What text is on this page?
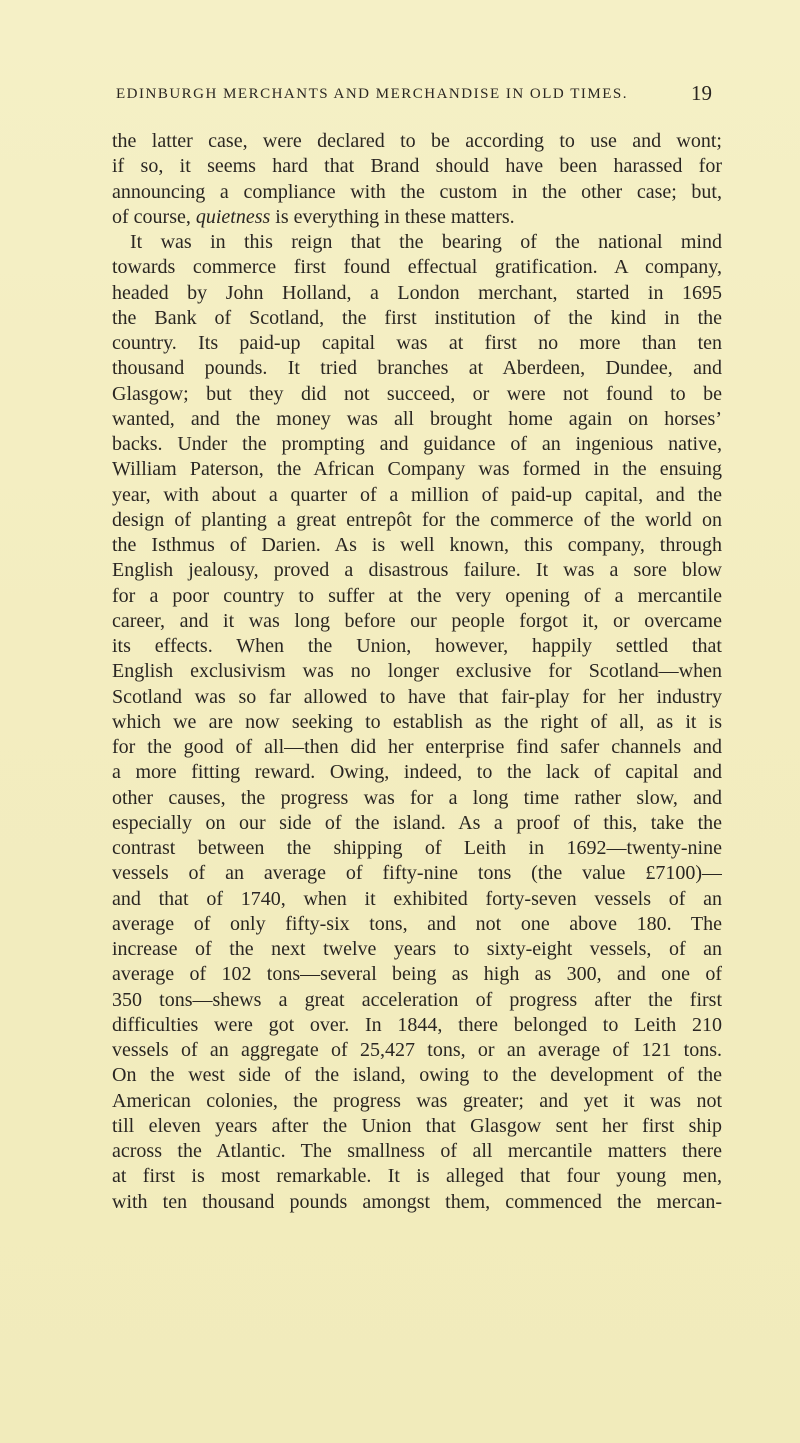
EDINBURGH MERCHANTS AND MERCHANDISE IN OLD TIMES.	19
the latter case, were declared to be according to use and wont;
if so, it seems hard that Brand should have been harassed for
announcing a compliance with the custom in the other case; but,
of course, quietness is everything in these matters.
It was in this reign that the bearing of the national mind
towards commerce first found effectual gratification. A company,
headed by John Holland, a London merchant, started in 1695
the Bank of Scotland, the first institution of the kind in the
country. Its paid-up capital was at first no more than ten
thousand pounds. It tried branches at Aberdeen, Dundee, and
Glasgow; but they did not succeed, or were not found to be
wanted, and the money was all brought home again on horses’
backs. Under the prompting and guidance of an ingenious native,
William Paterson, the African Company was formed in the ensuing
year, with about a quarter of a million of paid-up capital, and the
design of planting a great entrepôt for the commerce of the world on
the Isthmus of Darien. As is well known, this company, through
English jealousy, proved a disastrous failure. It was a sore blow
for a poor country to suffer at the very opening of a mercantile
career, and it was long before our people forgot it, or overcame
its effects. When the Union, however, happily settled that
English exclusivism was no longer exclusive for Scotland—when
Scotland was so far allowed to have that fair-play for her industry
which we are now seeking to establish as the right of all, as it is
for the good of all—then did her enterprise find safer channels and
a more fitting reward. Owing, indeed, to the lack of capital and
other causes, the progress was for a long time rather slow, and
especially on our side of the island. As a proof of this, take the
contrast between the shipping of Leith in 1692—twenty-nine
vessels of an average of fifty-nine tons (the value £7100)—
and that of 1740, when it exhibited forty-seven vessels of an
average of only fifty-six tons, and not one above 180. The
increase of the next twelve years to sixty-eight vessels, of an
average of 102 tons—several being as high as 300, and one of
350 tons—shews a great acceleration of progress after the first
difficulties were got over. In 1844, there belonged to Leith 210
vessels of an aggregate of 25,427 tons, or an average of 121 tons.
On the west side of the island, owing to the development of the
American colonies, the progress was greater; and yet it was not
till eleven years after the Union that Glasgow sent her first ship
across the Atlantic. The smallness of all mercantile matters there
at first is most remarkable. It is alleged that four young men,
with ten thousand pounds amongst them, commenced the mercan-
